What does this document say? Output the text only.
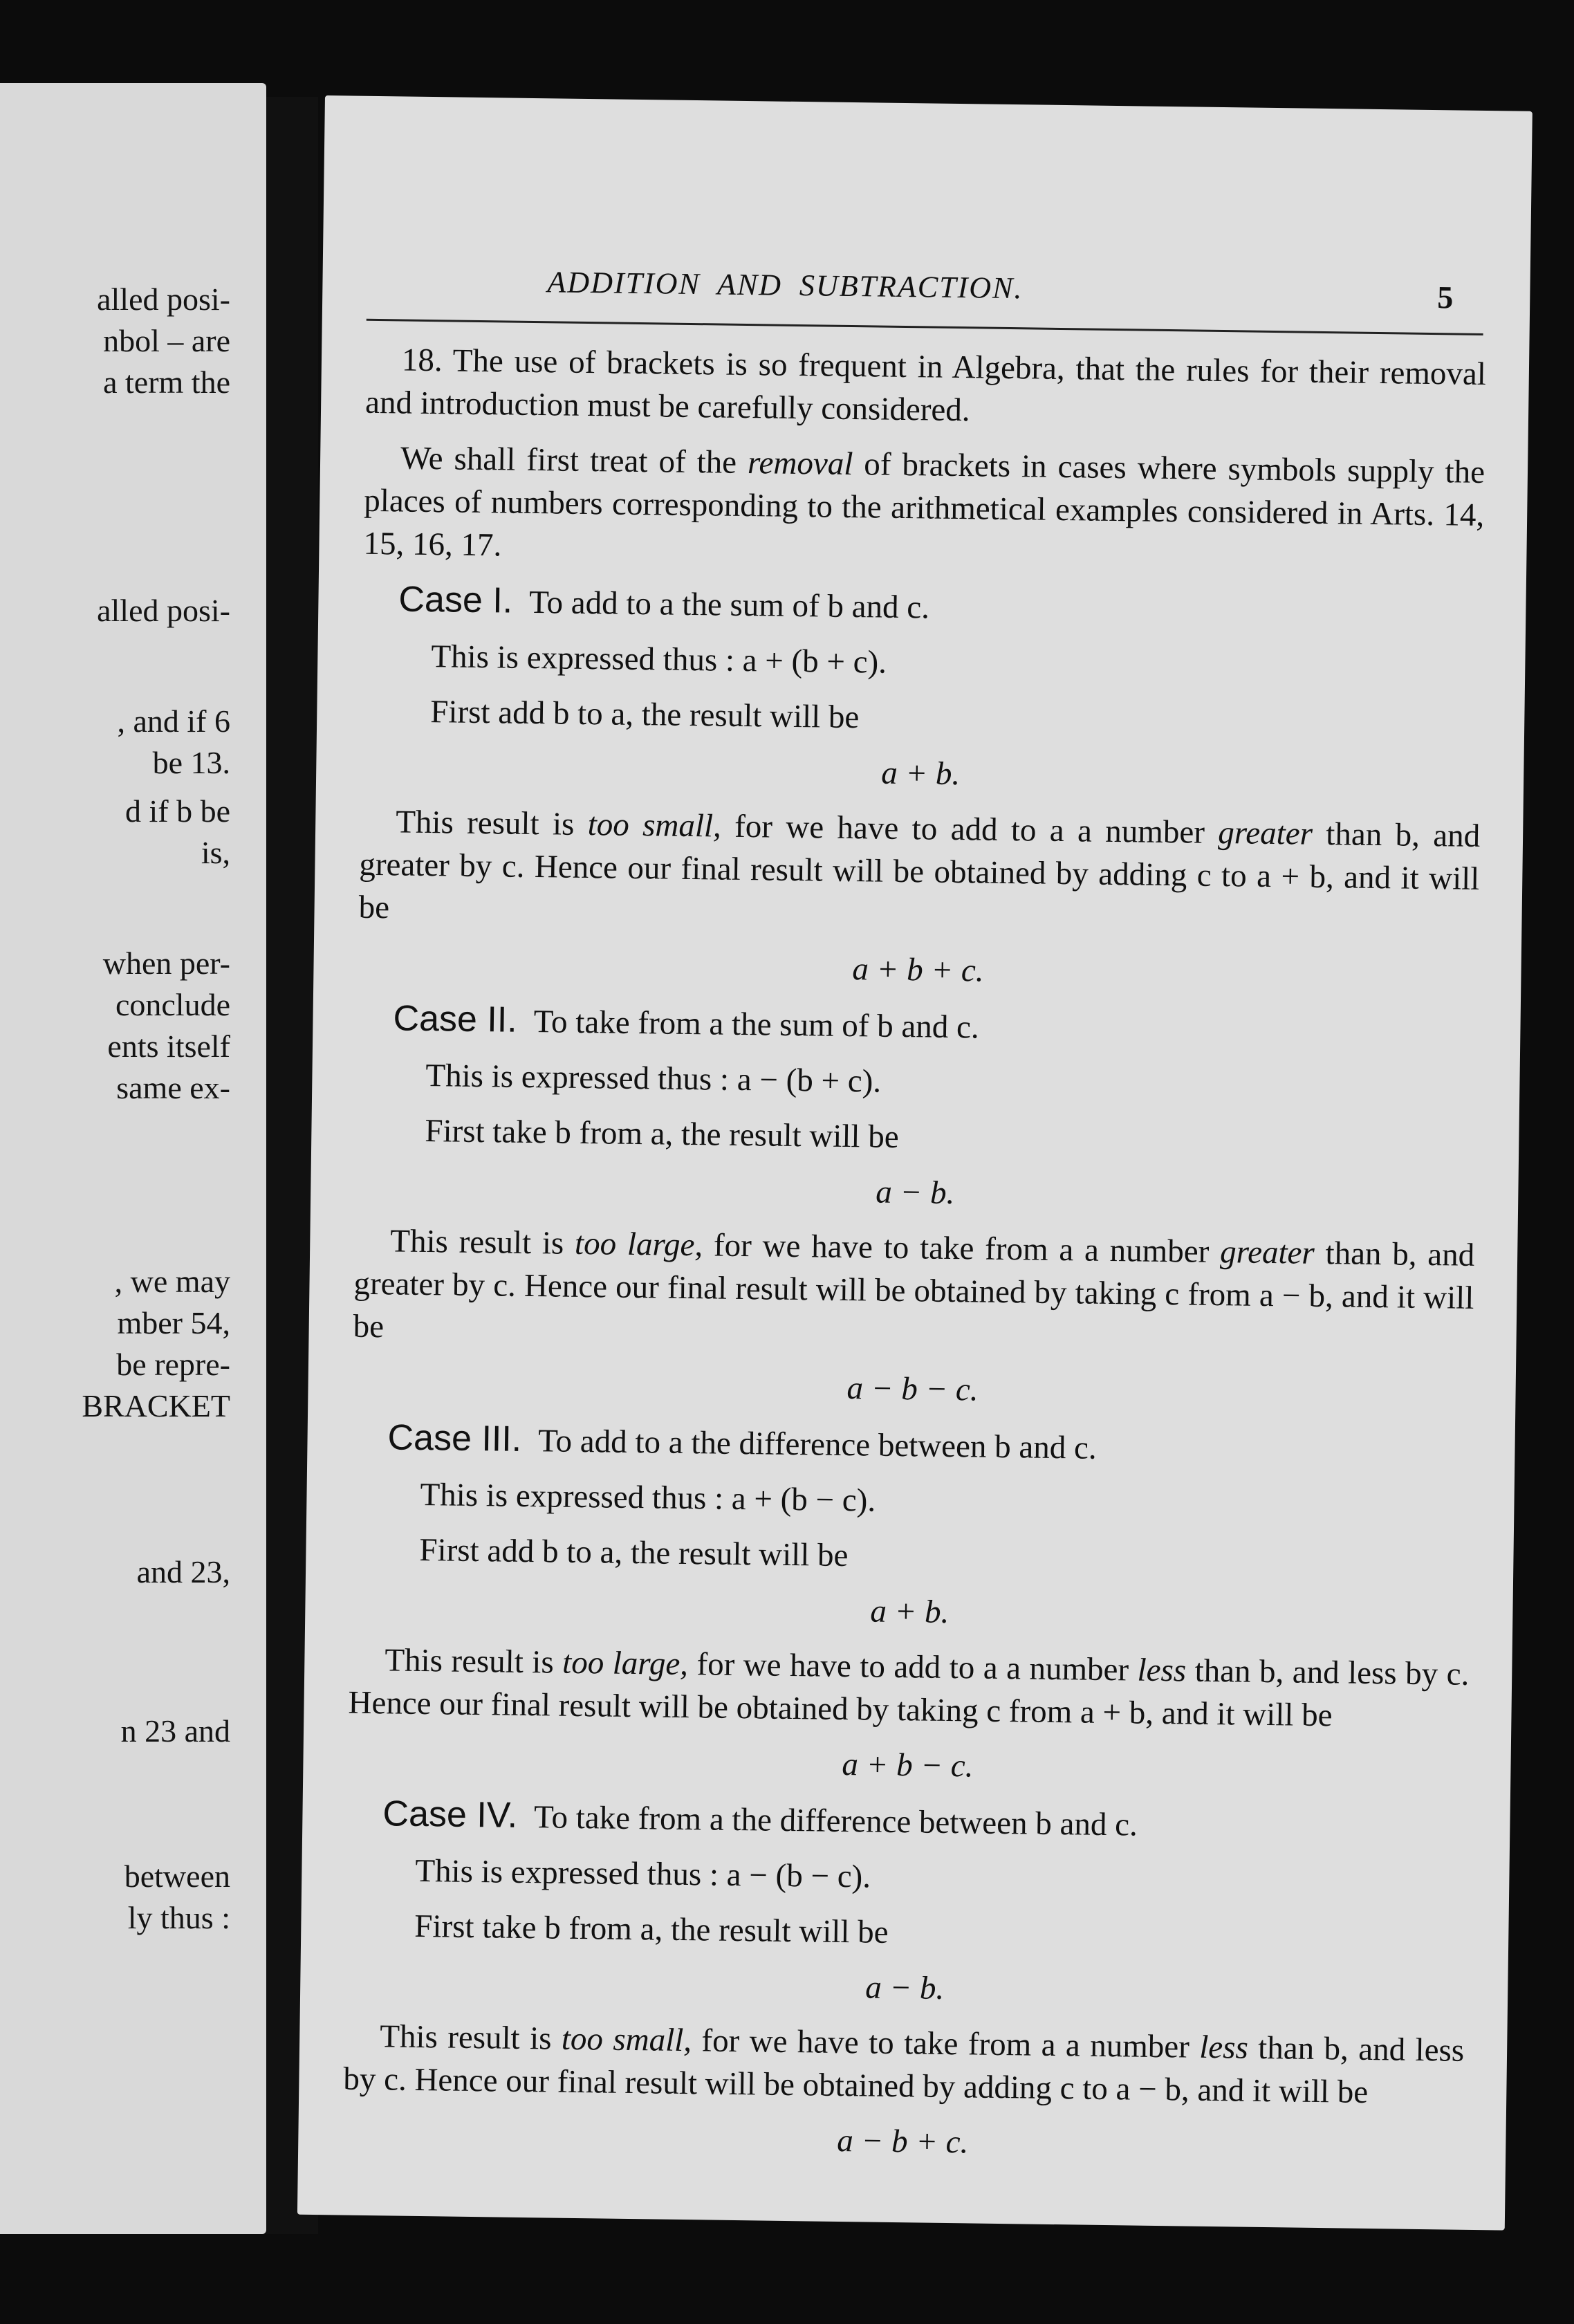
alled posi-
nbol – are
a term the
alled posi-
, and if 6
be 13.
d if b be
is,
when per-
conclude
ents itself
same ex-
, we may
mber 54,
be repre-
BRACKET
and 23,
n 23 and
between
ly thus :
ADDITION AND SUBTRACTION.	5

18. The use of brackets is so frequent in Algebra, that the rules for their removal and introduction must be carefully considered.

We shall first treat of the removal of brackets in cases where symbols supply the places of numbers corresponding to the arithmetical examples considered in Arts. 14, 15, 16, 17.

Case I. To add to a the sum of b and c.

This is expressed thus : a + (b + c).

First add b to a, the result will be

a + b.

This result is too small, for we have to add to a a number greater than b, and greater by c. Hence our final result will be obtained by adding c to a + b, and it will be

a + b + c.

Case II. To take from a the sum of b and c.

This is expressed thus : a − (b + c).

First take b from a, the result will be

a − b.

This result is too large, for we have to take from a a number greater than b, and greater by c. Hence our final result will be obtained by taking c from a − b, and it will be

a − b − c.

Case III. To add to a the difference between b and c.

This is expressed thus : a + (b − c).

First add b to a, the result will be

a + b.

This result is too large, for we have to add to a a number less than b, and less by c. Hence our final result will be obtained by taking c from a + b, and it will be

a + b − c.

Case IV. To take from a the difference between b and c.

This is expressed thus : a − (b − c).

First take b from a, the result will be

a − b.

This result is too small, for we have to take from a a number less than b, and less by c. Hence our final result will be obtained by adding c to a − b, and it will be

a − b + c.
